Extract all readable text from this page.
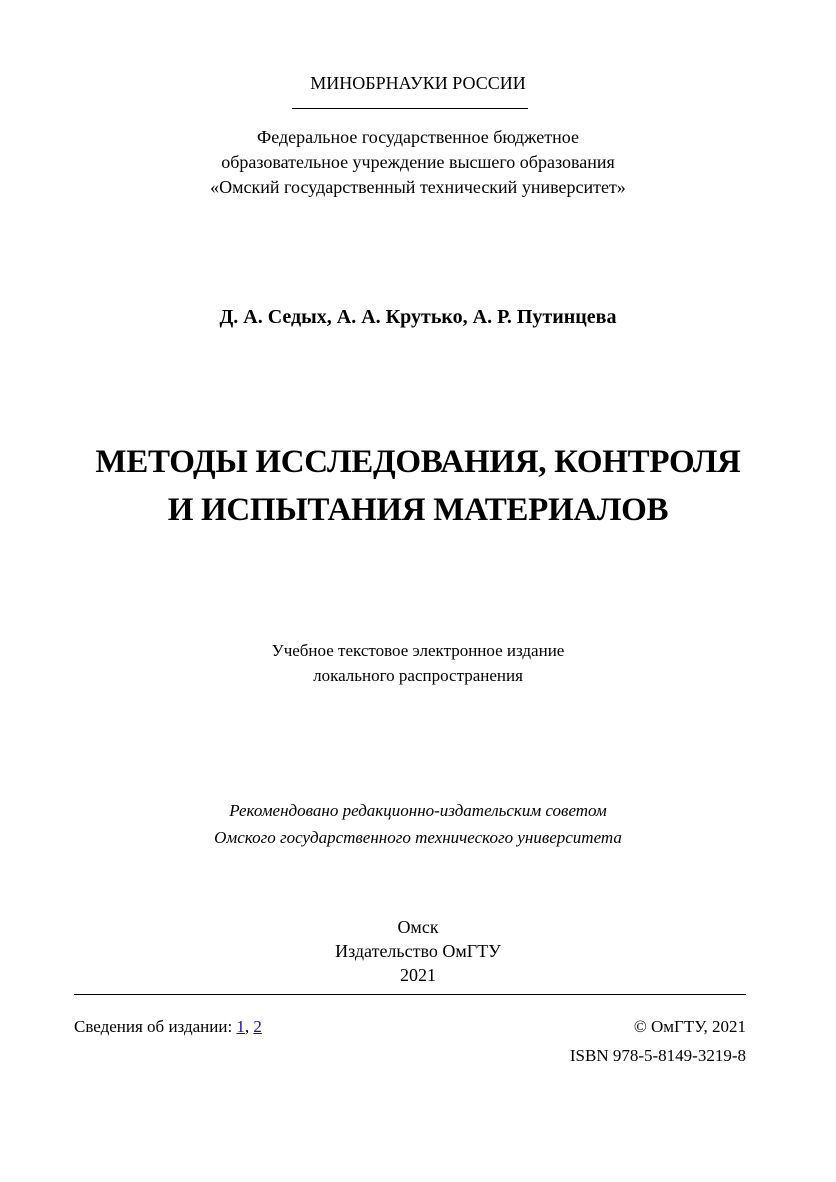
МИНОБРНАУКИ РОССИИ
Федеральное государственное бюджетное
образовательное учреждение высшего образования
«Омский государственный технический университет»
Д. А. Седых, А. А. Крутько, А. Р. Путинцева
МЕТОДЫ ИССЛЕДОВАНИЯ, КОНТРОЛЯ
И ИСПЫТАНИЯ МАТЕРИАЛОВ
Учебное текстовое электронное издание
локального распространения
Рекомендовано редакционно-издательским советом
Омского государственного технического университета
Омск
Издательство ОмГТУ
2021
Сведения об издании: 1, 2	© ОмГТУ, 2021
ISBN 978-5-8149-3219-8
